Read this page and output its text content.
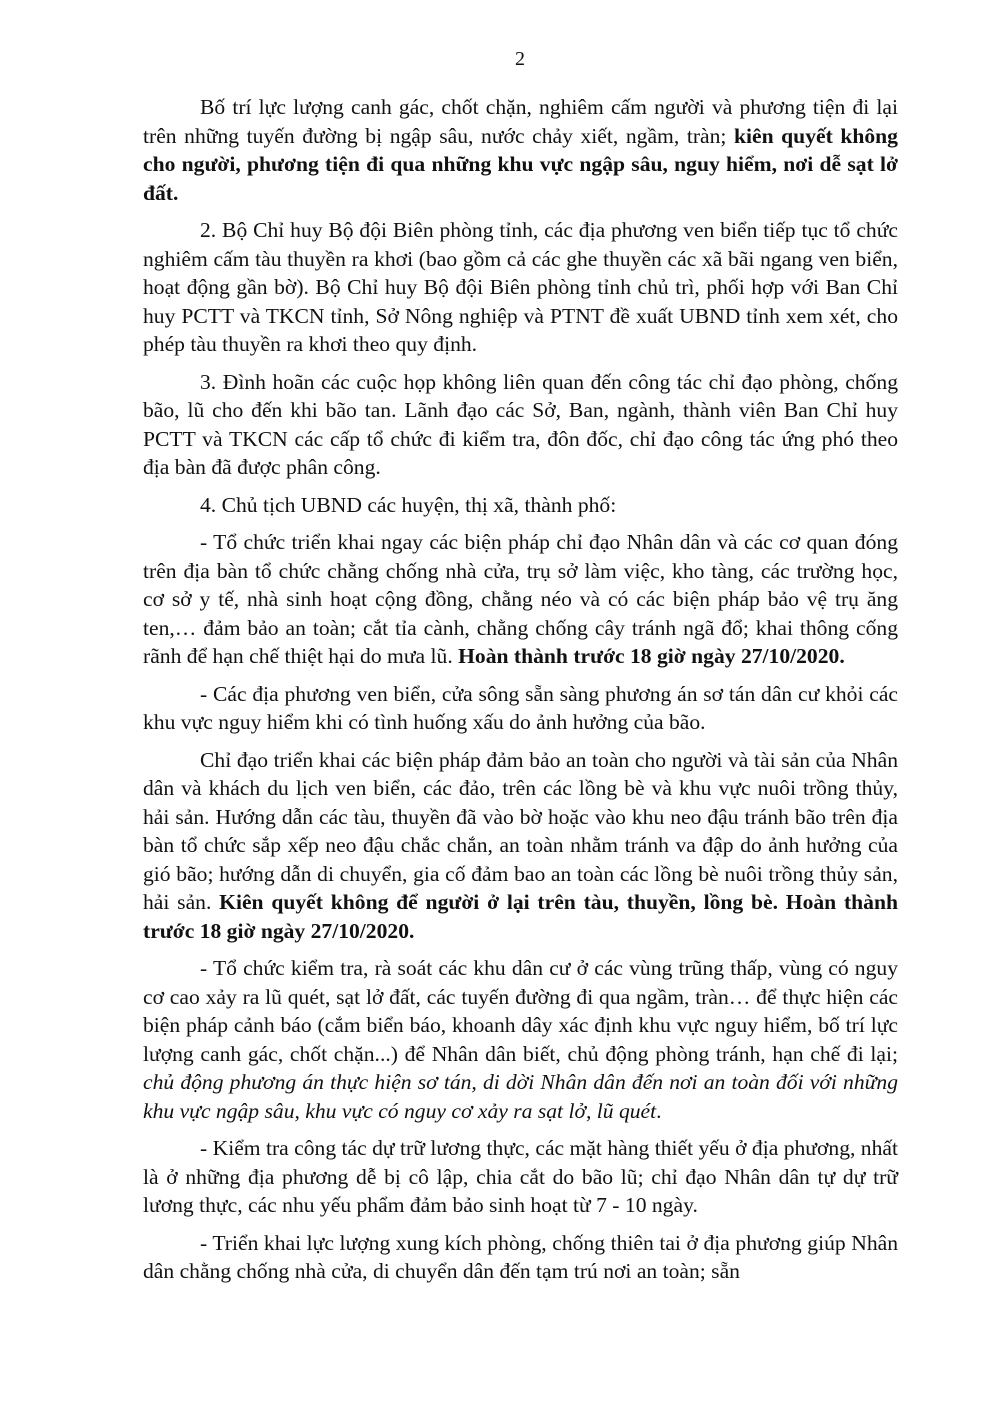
2

Bố trí lực lượng canh gác, chốt chặn, nghiêm cấm người và phương tiện đi lại trên những tuyến đường bị ngập sâu, nước chảy xiết, ngầm, tràn; kiên quyết không cho người, phương tiện đi qua những khu vực ngập sâu, nguy hiểm, nơi dễ sạt lở đất.

2. Bộ Chỉ huy Bộ đội Biên phòng tỉnh, các địa phương ven biển tiếp tục tổ chức nghiêm cấm tàu thuyền ra khơi (bao gồm cả các ghe thuyền các xã bãi ngang ven biển, hoạt động gần bờ). Bộ Chỉ huy Bộ đội Biên phòng tỉnh chủ trì, phối hợp với Ban Chỉ huy PCTT và TKCN tỉnh, Sở Nông nghiệp và PTNT đề xuất UBND tỉnh xem xét, cho phép tàu thuyền ra khơi theo quy định.

3. Đình hoãn các cuộc họp không liên quan đến công tác chỉ đạo phòng, chống bão, lũ cho đến khi bão tan. Lãnh đạo các Sở, Ban, ngành, thành viên Ban Chỉ huy PCTT và TKCN các cấp tổ chức đi kiểm tra, đôn đốc, chỉ đạo công tác ứng phó theo địa bàn đã được phân công.

4. Chủ tịch UBND các huyện, thị xã, thành phố:

- Tổ chức triển khai ngay các biện pháp chỉ đạo Nhân dân và các cơ quan đóng trên địa bàn tổ chức chằng chống nhà cửa, trụ sở làm việc, kho tàng, các trường học, cơ sở y tế, nhà sinh hoạt cộng đồng, chằng néo và có các biện pháp bảo vệ trụ ăng ten,… đảm bảo an toàn; cắt tỉa cành, chằng chống cây tránh ngã đổ; khai thông cống rãnh để hạn chế thiệt hại do mưa lũ. Hoàn thành trước 18 giờ ngày 27/10/2020.

- Các địa phương ven biển, cửa sông sẵn sàng phương án sơ tán dân cư khỏi các khu vực nguy hiểm khi có tình huống xấu do ảnh hưởng của bão.

Chỉ đạo triển khai các biện pháp đảm bảo an toàn cho người và tài sản của Nhân dân và khách du lịch ven biển, các đảo, trên các lồng bè và khu vực nuôi trồng thủy, hải sản. Hướng dẫn các tàu, thuyền đã vào bờ hoặc vào khu neo đậu tránh bão trên địa bàn tổ chức sắp xếp neo đậu chắc chắn, an toàn nhằm tránh va đập do ảnh hưởng của gió bão; hướng dẫn di chuyển, gia cố đảm bao an toàn các lồng bè nuôi trồng thủy sản, hải sản. Kiên quyết không để người ở lại trên tàu, thuyền, lồng bè. Hoàn thành trước 18 giờ ngày 27/10/2020.

- Tổ chức kiểm tra, rà soát các khu dân cư ở các vùng trũng thấp, vùng có nguy cơ cao xảy ra lũ quét, sạt lở đất, các tuyến đường đi qua ngầm, tràn… để thực hiện các biện pháp cảnh báo (cắm biển báo, khoanh dây xác định khu vực nguy hiểm, bố trí lực lượng canh gác, chốt chặn...) để Nhân dân biết, chủ động phòng tránh, hạn chế đi lại; chủ động phương án thực hiện sơ tán, di dời Nhân dân đến nơi an toàn đối với những khu vực ngập sâu, khu vực có nguy cơ xảy ra sạt lở, lũ quét.

- Kiểm tra công tác dự trữ lương thực, các mặt hàng thiết yếu ở địa phương, nhất là ở những địa phương dễ bị cô lập, chia cắt do bão lũ; chỉ đạo Nhân dân tự dự trữ lương thực, các nhu yếu phẩm đảm bảo sinh hoạt từ 7 - 10 ngày.

- Triển khai lực lượng xung kích phòng, chống thiên tai ở địa phương giúp Nhân dân chằng chống nhà cửa, di chuyển dân đến tạm trú nơi an toàn; sẵn
